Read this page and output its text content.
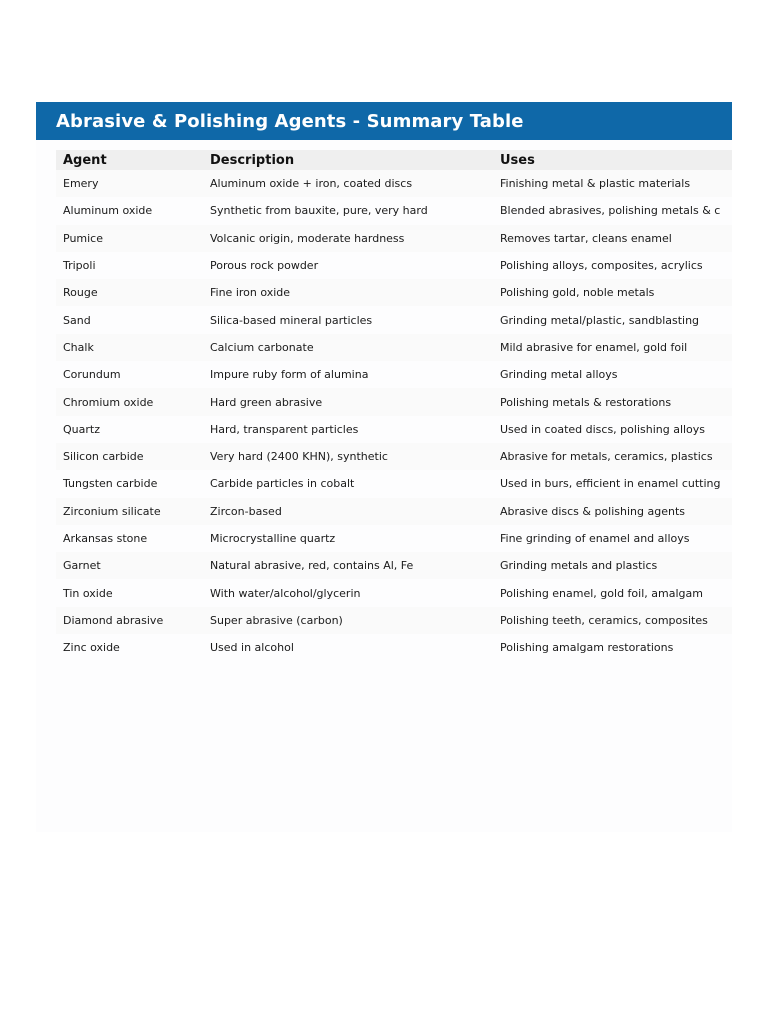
Abrasive & Polishing Agents - Summary Table
Agent	Description	Uses
Emery	Aluminum oxide + iron, coated discs	Finishing metal & plastic materials
Aluminum oxide	Synthetic from bauxite, pure, very hard	Blended abrasives, polishing metals & c
Pumice	Volcanic origin, moderate hardness	Removes tartar, cleans enamel
Tripoli	Porous rock powder	Polishing alloys, composites, acrylics
Rouge	Fine iron oxide	Polishing gold, noble metals
Sand	Silica-based mineral particles	Grinding metal/plastic, sandblasting
Chalk	Calcium carbonate	Mild abrasive for enamel, gold foil
Corundum	Impure ruby form of alumina	Grinding metal alloys
Chromium oxide	Hard green abrasive	Polishing metals & restorations
Quartz	Hard, transparent particles	Used in coated discs, polishing alloys
Silicon carbide	Very hard (2400 KHN), synthetic	Abrasive for metals, ceramics, plastics
Tungsten carbide	Carbide particles in cobalt	Used in burs, efficient in enamel cutting
Zirconium silicate	Zircon-based	Abrasive discs & polishing agents
Arkansas stone	Microcrystalline quartz	Fine grinding of enamel and alloys
Garnet	Natural abrasive, red, contains Al, Fe	Grinding metals and plastics
Tin oxide	With water/alcohol/glycerin	Polishing enamel, gold foil, amalgam
Diamond abrasive	Super abrasive (carbon)	Polishing teeth, ceramics, composites
Zinc oxide	Used in alcohol	Polishing amalgam restorations
